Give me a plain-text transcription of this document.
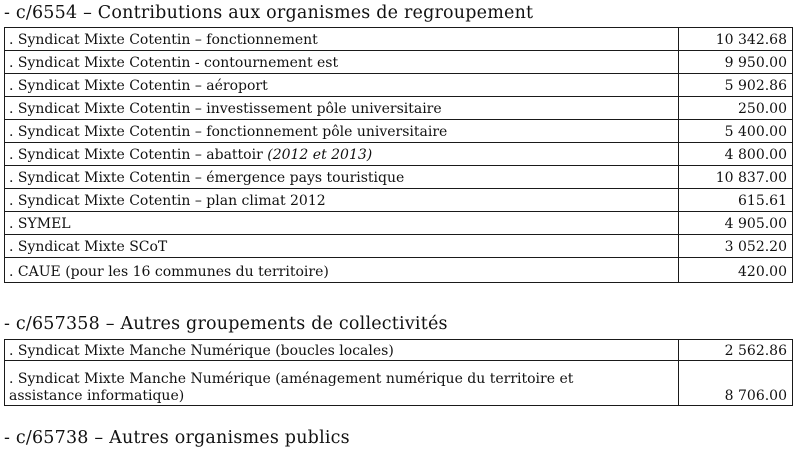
- c/6554 – Contributions aux organismes de regroupement
. Syndicat Mixte Cotentin – fonctionnement	10 342.68
. Syndicat Mixte Cotentin - contournement est	9 950.00
. Syndicat Mixte Cotentin – aéroport	5 902.86
. Syndicat Mixte Cotentin – investissement pôle universitaire	250.00
. Syndicat Mixte Cotentin – fonctionnement pôle universitaire	5 400.00
. Syndicat Mixte Cotentin – abattoir (2012 et 2013)	4 800.00
. Syndicat Mixte Cotentin – émergence pays touristique	10 837.00
. Syndicat Mixte Cotentin – plan climat 2012	615.61
. SYMEL	4 905.00
. Syndicat Mixte SCoT	3 052.20
. CAUE (pour les 16 communes du territoire)	420.00
- c/657358 – Autres groupements de collectivités
. Syndicat Mixte Manche Numérique (boucles locales)	2 562.86

. Syndicat Mixte Manche Numérique (aménagement numérique du territoire et
assistance informatique)	8 706.00
- c/65738 – Autres organismes publics
